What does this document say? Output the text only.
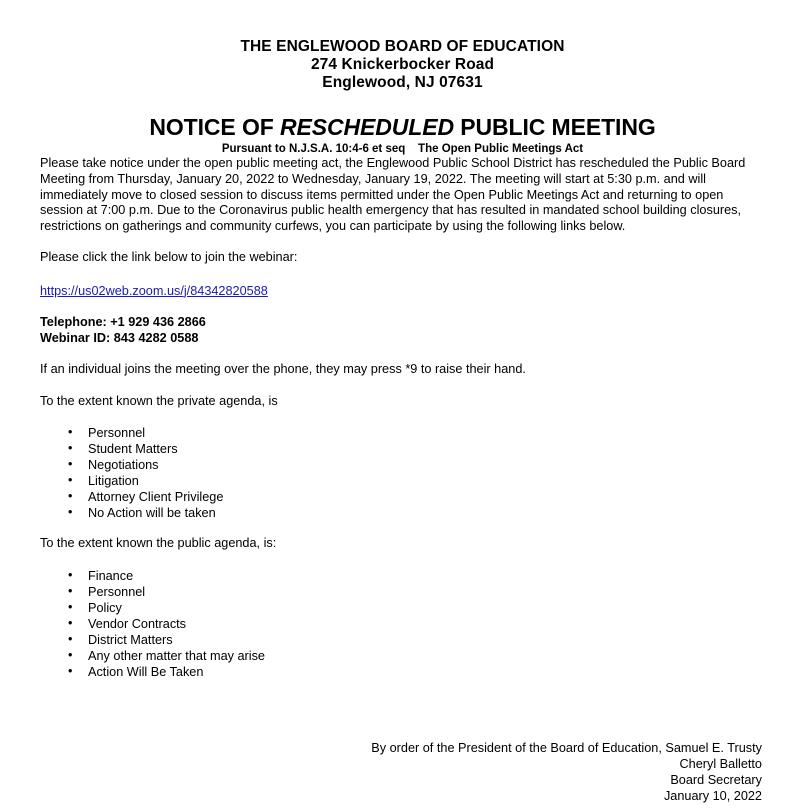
THE ENGLEWOOD BOARD OF EDUCATION
274 Knickerbocker Road
Englewood, NJ 07631
NOTICE OF RESCHEDULED PUBLIC MEETING
Pursuant to N.J.S.A. 10:4-6 et seq    The Open Public Meetings Act

Please take notice under the open public meeting act, the Englewood Public School District has rescheduled the Public Board Meeting from Thursday, January 20, 2022 to Wednesday, January 19, 2022. The meeting will start at 5:30 p.m. and will immediately move to closed session to discuss items permitted under the Open Public Meetings Act and returning to open session at 7:00 p.m. Due to the Coronavirus public health emergency that has resulted in mandated school building closures, restrictions on gatherings and community curfews, you can participate by using the following links below.

Please click the link below to join the webinar:

https://us02web.zoom.us/j/84342820588

Telephone: +1 929 436 2866

Webinar ID: 843 4282 0588

If an individual joins the meeting over the phone, they may press *9 to raise their hand.

To the extent known the private agenda, is

• Personnel
• Student Matters
• Negotiations
• Litigation
• Attorney Client Privilege
• No Action will be taken

To the extent known the public agenda, is:

• Finance
• Personnel
• Policy
• Vendor Contracts
• District Matters
• Any other matter that may arise
• Action Will Be Taken
By order of the President of the Board of Education, Samuel E. Trusty
Cheryl Balletto
Board Secretary
January 10, 2022
